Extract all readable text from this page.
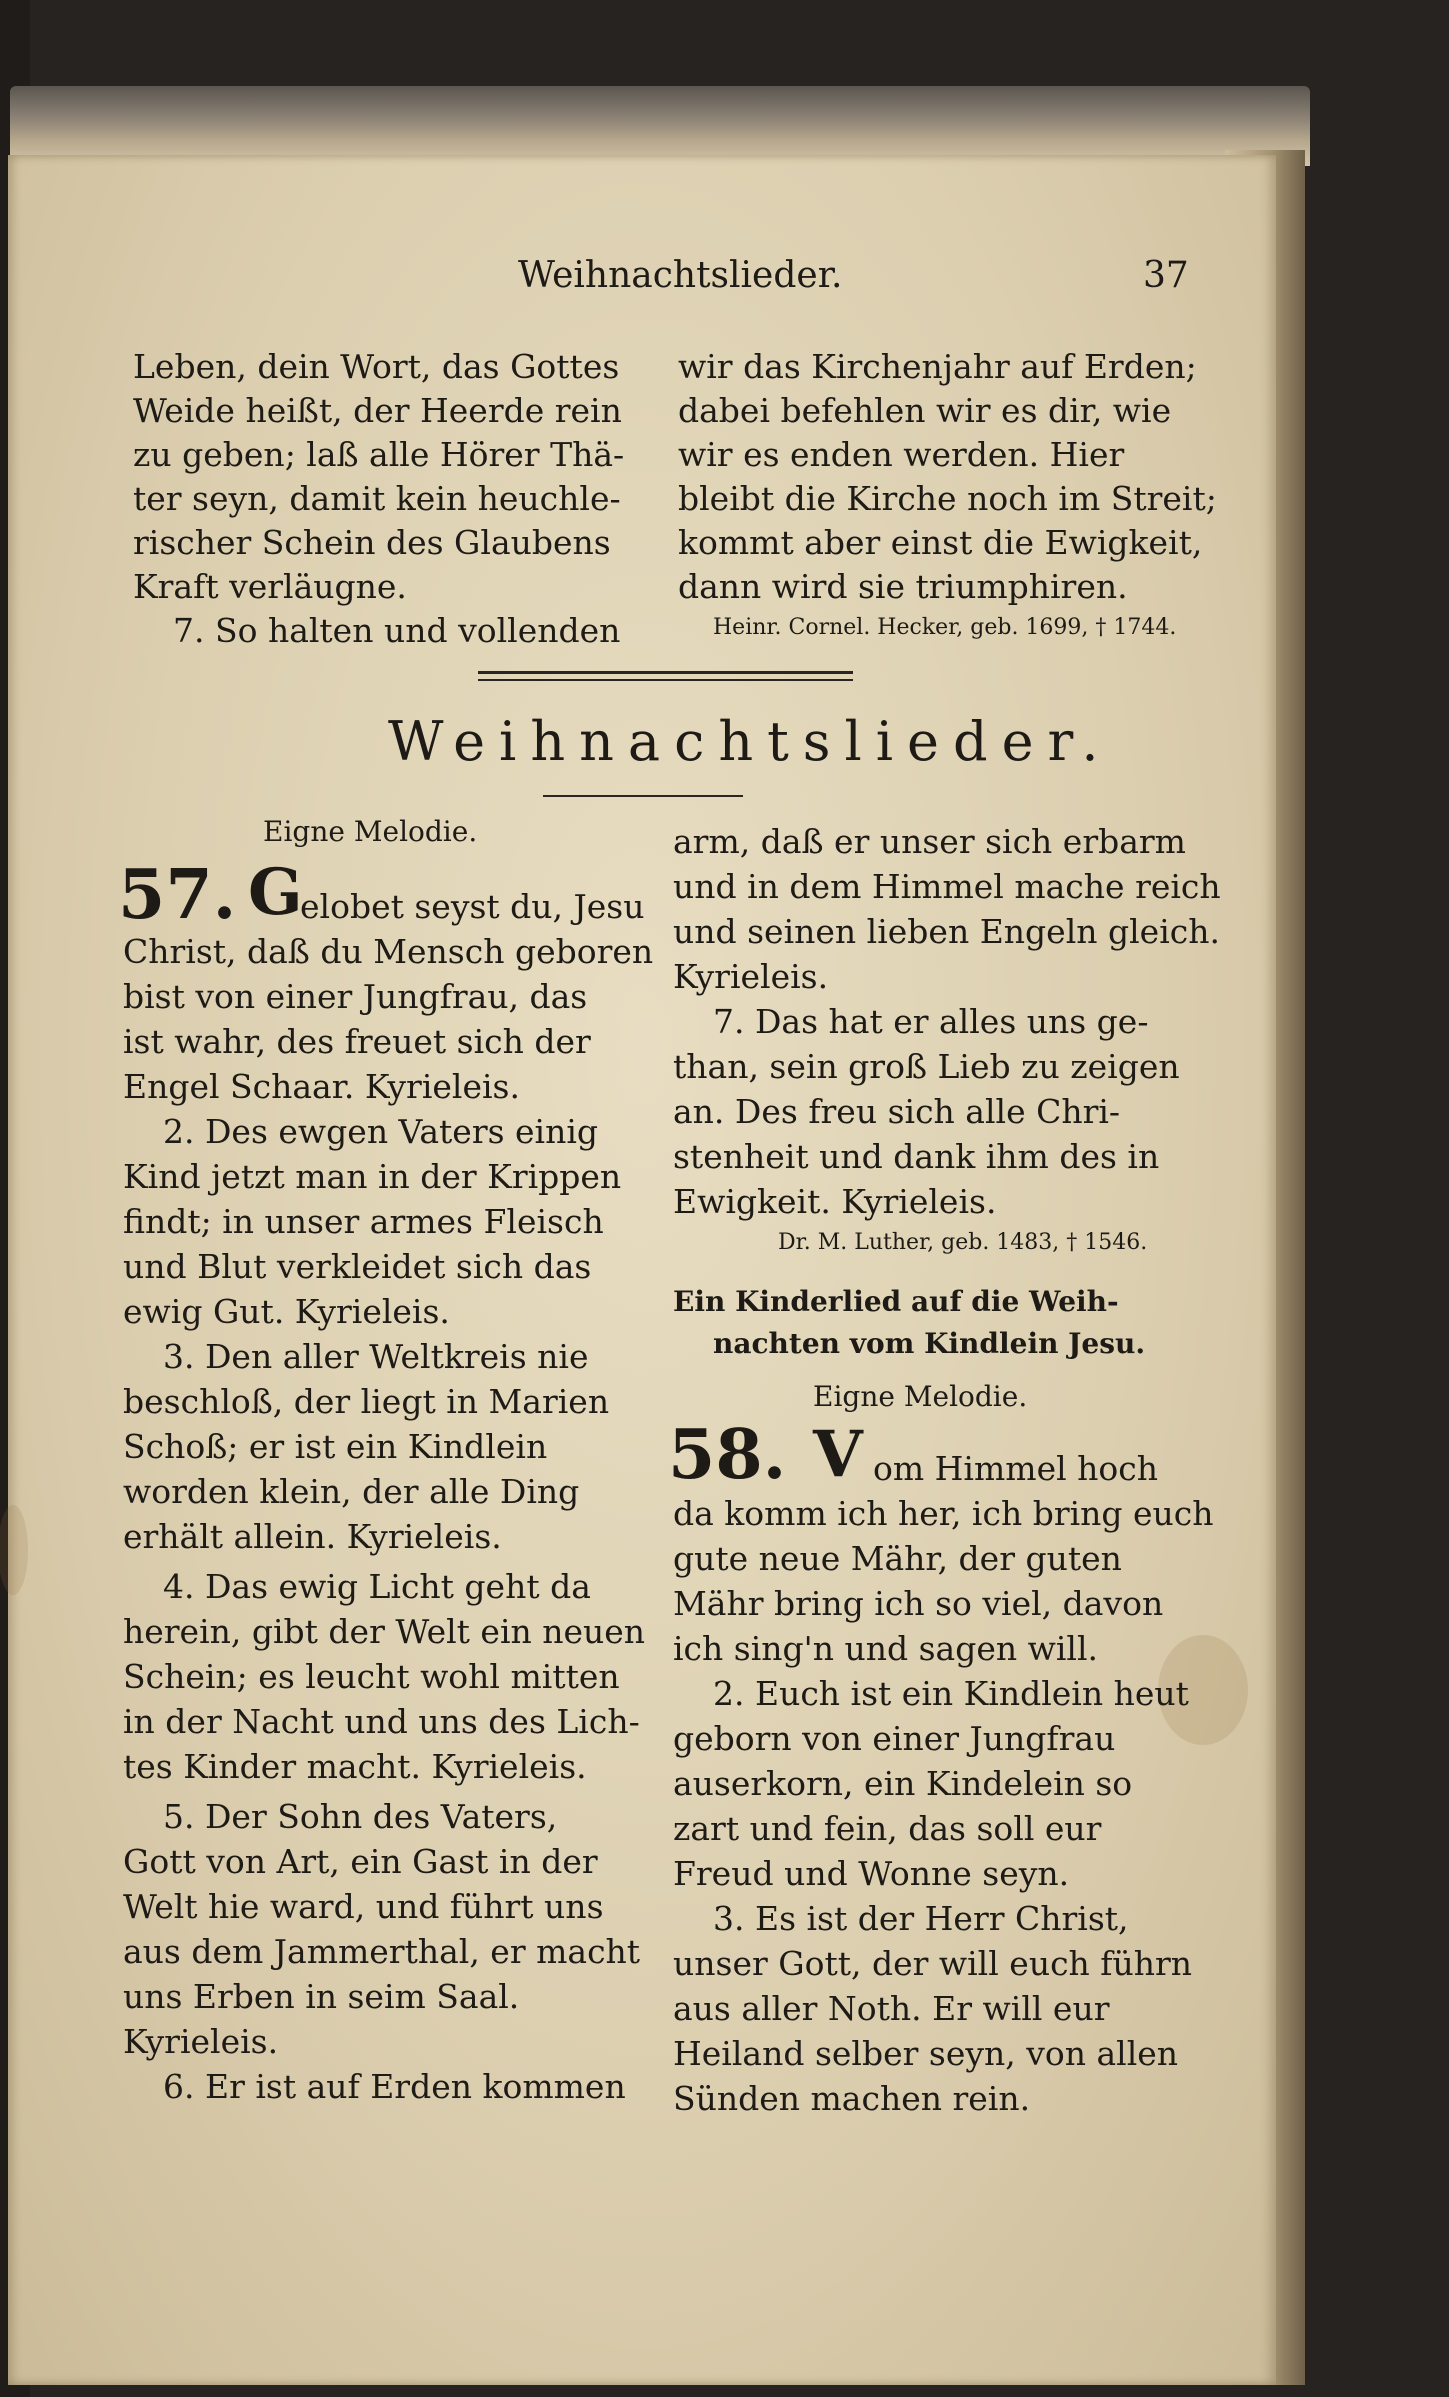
Weihnachtslieder.	37
Leben, dein Wort, das Gottes
Weide heißt, der Heerde rein
zu geben; laß alle Hörer Thä-
ter seyn, damit kein heuchle-
rischer Schein des Glaubens
Kraft verläugne.
7. So halten und vollenden
wir das Kirchenjahr auf Erden;
dabei befehlen wir es dir, wie
wir es enden werden. Hier
bleibt die Kirche noch im Streit;
kommt aber einst die Ewigkeit,
dann wird sie triumphiren.
Heinr. Cornel. Hecker, geb. 1699, † 1744.
Weihnachtslieder.
Eigne Melodie.
57. G
elobet seyst du, Jesu
Christ, daß du Mensch geboren
bist von einer Jungfrau, das
ist wahr, des freuet sich der
Engel Schaar. Kyrieleis.
2. Des ewgen Vaters einig
Kind jetzt man in der Krippen
findt; in unser armes Fleisch
und Blut verkleidet sich das
ewig Gut. Kyrieleis.
3. Den aller Weltkreis nie
beschloß, der liegt in Marien
Schoß; er ist ein Kindlein
worden klein, der alle Ding
erhält allein. Kyrieleis.
4. Das ewig Licht geht da
herein, gibt der Welt ein neuen
Schein; es leucht wohl mitten
in der Nacht und uns des Lich-
tes Kinder macht. Kyrieleis.
5. Der Sohn des Vaters,
Gott von Art, ein Gast in der
Welt hie ward, und führt uns
aus dem Jammerthal, er macht
uns Erben in seim Saal.
Kyrieleis.
6. Er ist auf Erden kommen
arm, daß er unser sich erbarm
und in dem Himmel mache reich
und seinen lieben Engeln gleich.
Kyrieleis.
7. Das hat er alles uns ge-
than, sein groß Lieb zu zeigen
an. Des freu sich alle Chri-
stenheit und dank ihm des in
Ewigkeit. Kyrieleis.
Dr. M. Luther, geb. 1483, † 1546.
Ein Kinderlied auf die Weih-
nachten vom Kindlein Jesu.
Eigne Melodie.
58. V om Himmel hoch
da komm ich her, ich bring euch
gute neue Mähr, der guten
Mähr bring ich so viel, davon
ich sing'n und sagen will.
2. Euch ist ein Kindlein heut
geborn von einer Jungfrau
auserkorn, ein Kindelein so
zart und fein, das soll eur
Freud und Wonne seyn.
3. Es ist der Herr Christ,
unser Gott, der will euch führn
aus aller Noth. Er will eur
Heiland selber seyn, von allen
Sünden machen rein.
